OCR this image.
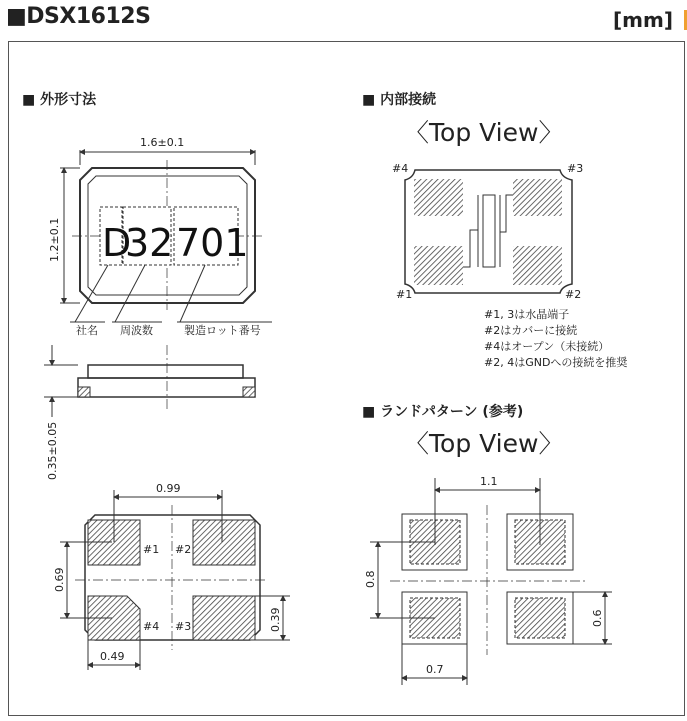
■DSX1612S	[mm]
■ 外形寸法	■ 内部接続
〈Top View〉
■ ランドパターン (参考)
〈Top View〉
1.6±0.1
1.2±0.1 D
32 701
社名 周波数	製造ロット番号
0.35±0.05
#1 #2
#3
#4
0.99
0.69
0.39
0.49
#4	#3
#1	#2
#1, 3は水晶端子
#2はカバーに接続
#4はオープン（未接続）
#2, 4はGNDへの接続を推奨
1.1
0.8
0.6
0.7
